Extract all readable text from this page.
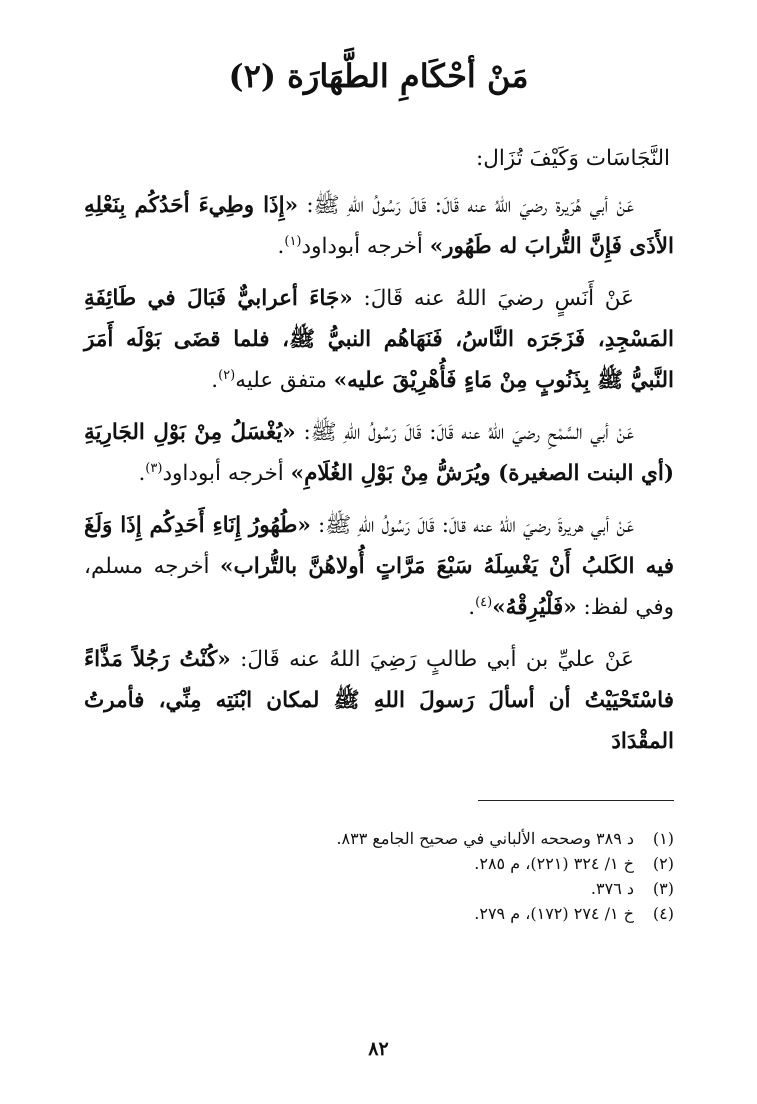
مَنْ أحْكَامِ الطَّهَارَة (٢)

النَّجَاسَات وَكَيْفَ تُزَال:

عَنْ أبي هُرَيرة رضيَ اللهُ عنه قَالَ: قَالَ رَسُولُ اللهِ ﷺ: «إِذَا وطِيءَ أحَدُكُم بِنَعْلِهِ الأَذَى فَإِنَّ التُّرابَ له طَهُور» أخرجه أبوداود$^{(١)}$.

عَنْ أَنَسٍ رضيَ اللهُ عنه قَالَ: «جَاءَ أعرابيٌّ فَبَالَ في طَائِفَةِ المَسْجِدِ، فَزَجَرَه النَّاسُ، فَنَهَاهُم النبيُّ ﷺ، فلما قضَى بَوْلَه أَمَرَ النَّبيُّ ﷺ بِذَنُوبٍ مِنْ مَاءٍ فَأُهْرِيْقَ عليه» متفق عليه$^{(٢)}$.

عَنْ أبي السَّمْحِ رضيَ اللهُ عنه قَالَ: قَالَ رَسُولُ اللهِ ﷺ: «يُغْسَلُ مِنْ بَوْلِ الجَارِيَةِ (أي البنت الصغيرة) ويُرَشُّ مِنْ بَوْلِ الغُلَامِ» أخرجه أبوداود$^{(٣)}$.

عَنْ أبي هريرةَ رضيَ اللهُ عنه قالَ: قَالَ رَسُولُ اللهِ ﷺ: «طُهُورُ إِنَاءِ أَحَدِكُم إِذَا وَلَغَ فيه الكَلبُ أَنْ يَغْسِلَهُ سَبْعَ مَرَّاتٍ أُولاهُنَّ بالتُّراب» أخرجه مسلم، وفي لفظ: «فَلْيُرِقْهُ»$^{(٤)}$.

عَنْ عليِّ بن أبي طالبٍ رَضِيَ اللهُ عنه قَالَ: «كُنْتُ رَجُلاً مَذَّاءً فاسْتَحْيَيْتُ أن أسألَ رَسولَ اللهِ ﷺ لمكان ابْنَتِه مِنِّي، فأمرتُ المقْدَادَ

(١)د ٣٨٩ وصححه الألباني في صحيح الجامع ٨٣٣.
(٢)خ ١/ ٣٢٤ (٢٢١)، م ٢٨٥.
(٣)د ٣٧٦.
(٤)خ ١/ ٢٧٤ (١٧٢)، م ٢٧٩.
٨٢
